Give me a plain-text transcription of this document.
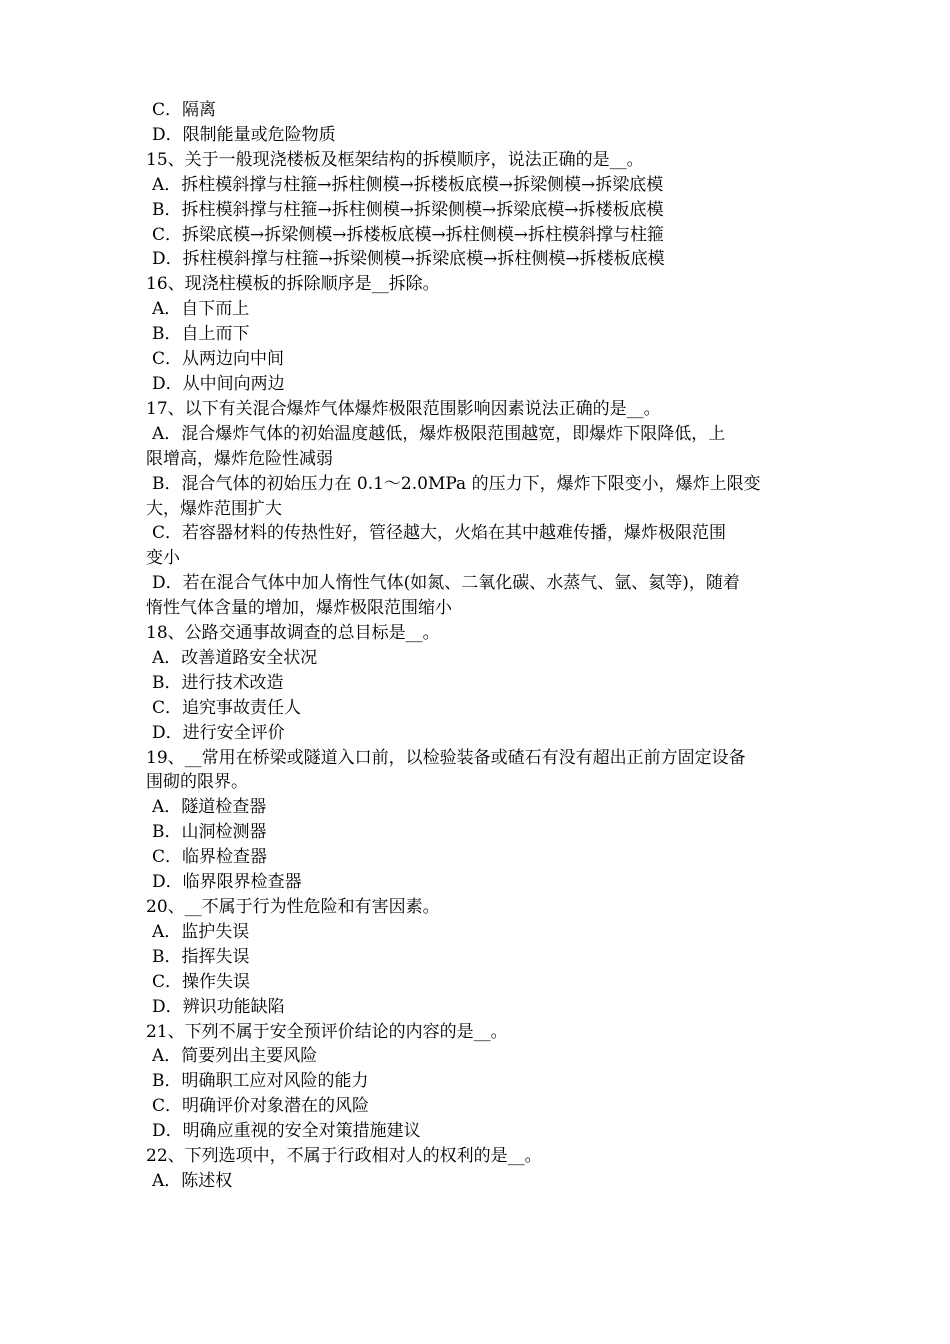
C．隔离
D．限制能量或危险物质
15、关于一般现浇楼板及框架结构的拆模顺序，说法正确的是__。
A．拆柱模斜撑与柱箍→拆柱侧模→拆楼板底模→拆梁侧模→拆梁底模
B．拆柱模斜撑与柱箍→拆柱侧模→拆梁侧模→拆梁底模→拆楼板底模
C．拆梁底模→拆梁侧模→拆楼板底模→拆柱侧模→拆柱模斜撑与柱箍
D．拆柱模斜撑与柱箍→拆梁侧模→拆梁底模→拆柱侧模→拆楼板底模
16、现浇柱模板的拆除顺序是__拆除。
A．自下而上
B．自上而下
C．从两边向中间
D．从中间向两边
17、以下有关混合爆炸气体爆炸极限范围影响因素说法正确的是__。
A．混合爆炸气体的初始温度越低，爆炸极限范围越宽，即爆炸下限降低，上
限增高，爆炸危险性减弱
B．混合气体的初始压力在 0.1～2.0MPa 的压力下，爆炸下限变小，爆炸上限变
大，爆炸范围扩大
C．若容器材料的传热性好，管径越大，火焰在其中越难传播，爆炸极限范围
变小
D．若在混合气体中加人惰性气体(如氮、二氧化碳、水蒸气、氩、氦等)，随着
惰性气体含量的增加，爆炸极限范围缩小
18、公路交通事故调查的总目标是__。
A．改善道路安全状况
B．进行技术改造
C．追究事故责任人
D．进行安全评价
19、__常用在桥梁或隧道入口前，以检验装备或碴石有没有超出正前方固定设备
围砌的限界。
A．隧道检查器
B．山洞检测器
C．临界检查器
D．临界限界检查器
20、__不属于行为性危险和有害因素。
A．监护失误
B．指挥失误
C．操作失误
D．辨识功能缺陷
21、下列不属于安全预评价结论的内容的是__。
A．简要列出主要风险
B．明确职工应对风险的能力
C．明确评价对象潜在的风险
D．明确应重视的安全对策措施建议
22、下列选项中，不属于行政相对人的权利的是__。
A．陈述权
